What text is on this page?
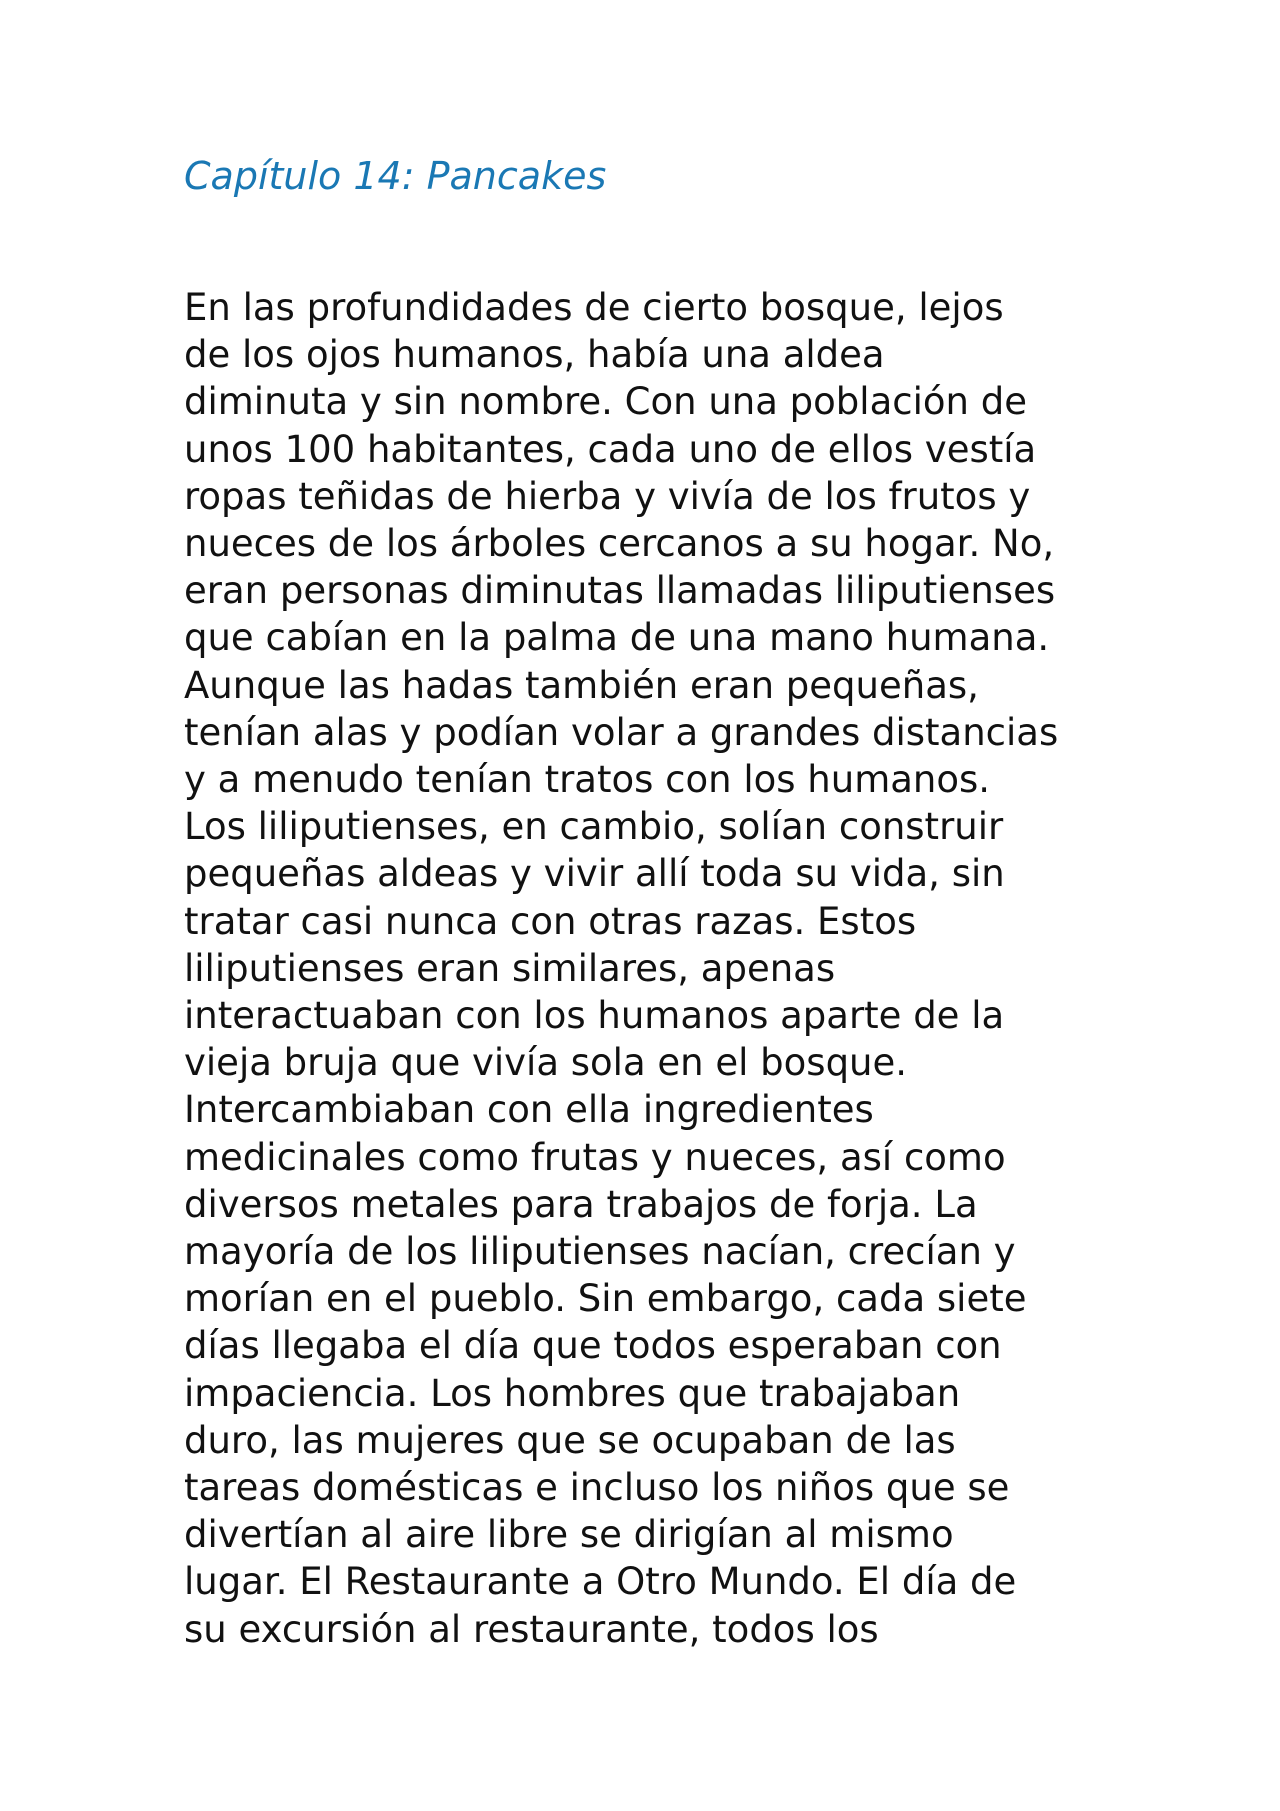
Capítulo 14: Pancakes
En las profundidades de cierto bosque, lejos
de los ojos humanos, había una aldea
diminuta y sin nombre. Con una población de
unos 100 habitantes, cada uno de ellos vestía
ropas teñidas de hierba y vivía de los frutos y
nueces de los árboles cercanos a su hogar. No,
eran personas diminutas llamadas liliputienses
que cabían en la palma de una mano humana.
Aunque las hadas también eran pequeñas,
tenían alas y podían volar a grandes distancias
y a menudo tenían tratos con los humanos.
Los liliputienses, en cambio, solían construir
pequeñas aldeas y vivir allí toda su vida, sin
tratar casi nunca con otras razas. Estos
liliputienses eran similares, apenas
interactuaban con los humanos aparte de la
vieja bruja que vivía sola en el bosque.
Intercambiaban con ella ingredientes
medicinales como frutas y nueces, así como
diversos metales para trabajos de forja. La
mayoría de los liliputienses nacían, crecían y
morían en el pueblo. Sin embargo, cada siete
días llegaba el día que todos esperaban con
impaciencia. Los hombres que trabajaban
duro, las mujeres que se ocupaban de las
tareas domésticas e incluso los niños que se
divertían al aire libre se dirigían al mismo
lugar. El Restaurante a Otro Mundo. El día de
su excursión al restaurante, todos los
